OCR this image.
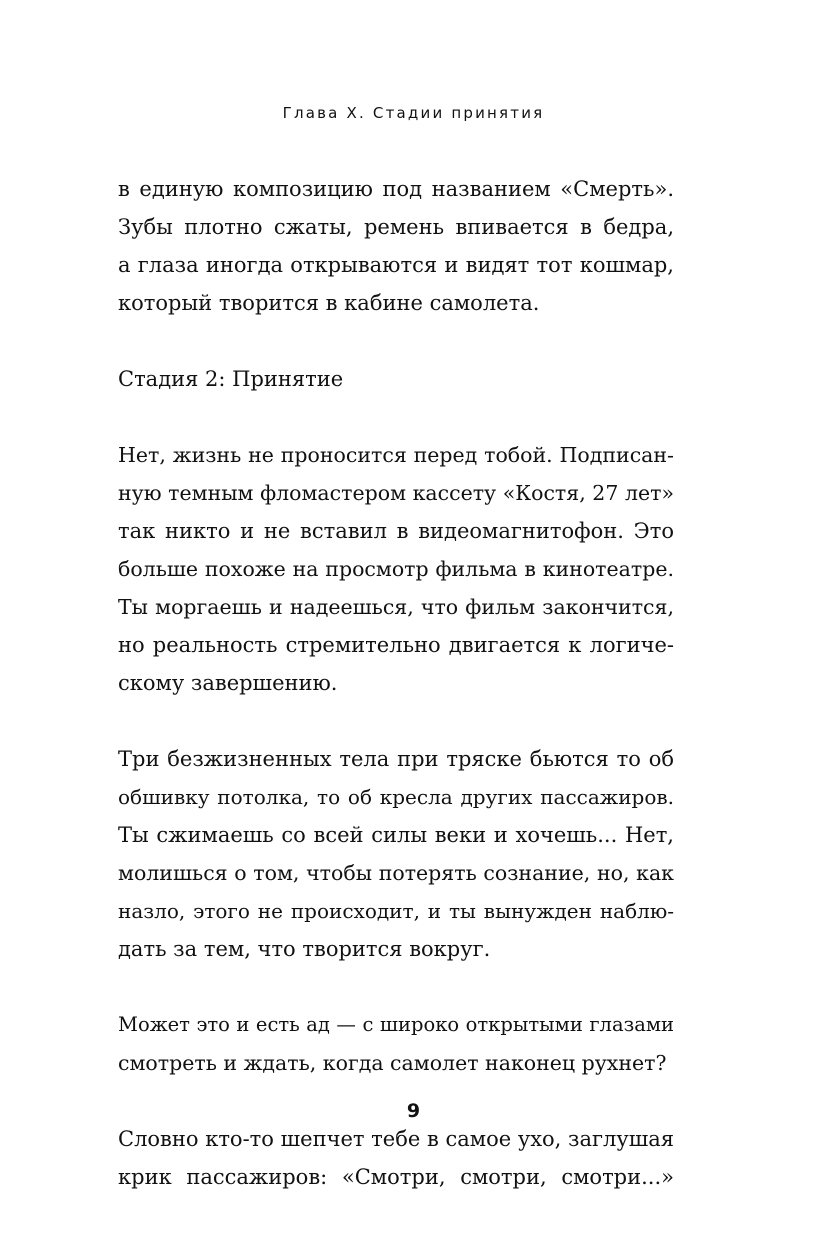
Глава X. Стадии принятия
в единую композицию под названием «Смерть».
Зубы плотно сжаты, ремень впивается в бедра,
а глаза иногда открываются и видят тот кошмар,
который творится в кабине самолета.
Стадия 2: Принятие
Нет, жизнь не проносится перед тобой. Подписан-
ную темным фломастером кассету «Костя, 27 лет»
так никто и не вставил в видеомагнитофон. Это
больше похоже на просмотр фильма в кинотеатре.
Ты моргаешь и надеешься, что фильм закончится,
но реальность стремительно двигается к логиче-
скому завершению.
Три безжизненных тела при тряске бьются то об
обшивку потолка, то об кресла других пассажиров.
Ты сжимаешь со всей силы веки и хочешь... Нет,
молишься о том, чтобы потерять сознание, но, как
назло, этого не происходит, и ты вынужден наблю-
дать за тем, что творится вокруг.
Может это и есть ад — с широко открытыми глазами
смотреть и ждать, когда самолет наконец рухнет?
Словно кто-то шепчет тебе в самое ухо, заглушая
крик пассажиров: «Смотри, смотри, смотри...»
9
